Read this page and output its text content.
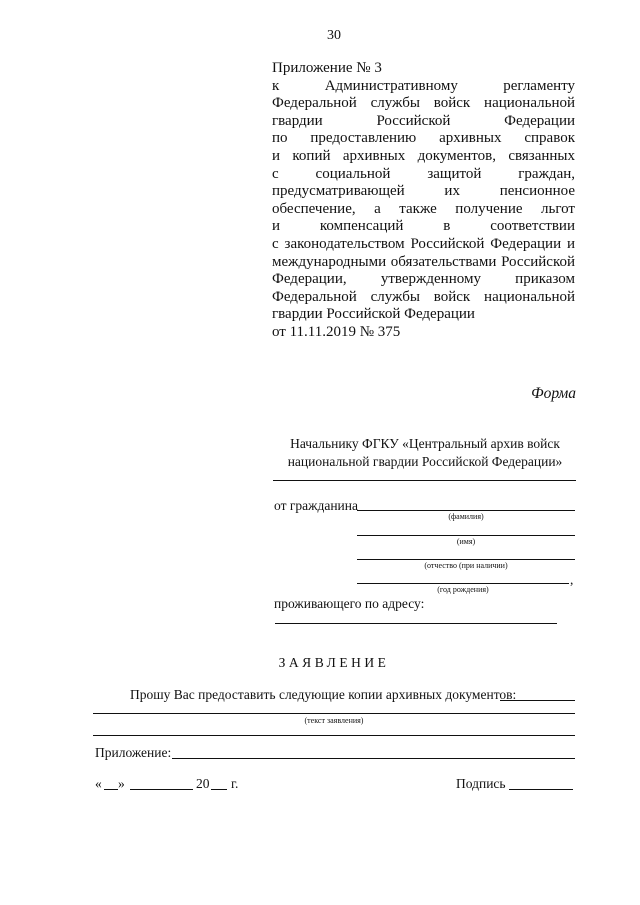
30
Приложение № 3
к Административному регламенту
Федеральной службы войск национальной
гвардии Российской Федерации
по предоставлению архивных справок
и копий архивных документов, связанных
с социальной защитой граждан,
предусматривающей их пенсионное
обеспечение, а также получение льгот
и компенсаций в соответствии
с законодательством Российской Федерации и
международными обязательствами Российской
Федерации, утвержденному приказом
Федеральной службы войск национальной
гвардии Российской Федерации
от 11.11.2019 № 375
Форма
Начальнику ФГКУ «Центральный архив войск
национальной гвардии Российской Федерации»
от гражданина
(фамилия)
(имя)
(отчество (при наличии)
,
(год рождения)
проживающего по адресу:
ЗАЯВЛЕНИЕ
Прошу Вас предоставить следующие копии архивных документов:
(текст заявления)
Приложение:
« »	20 г.	Подпись
